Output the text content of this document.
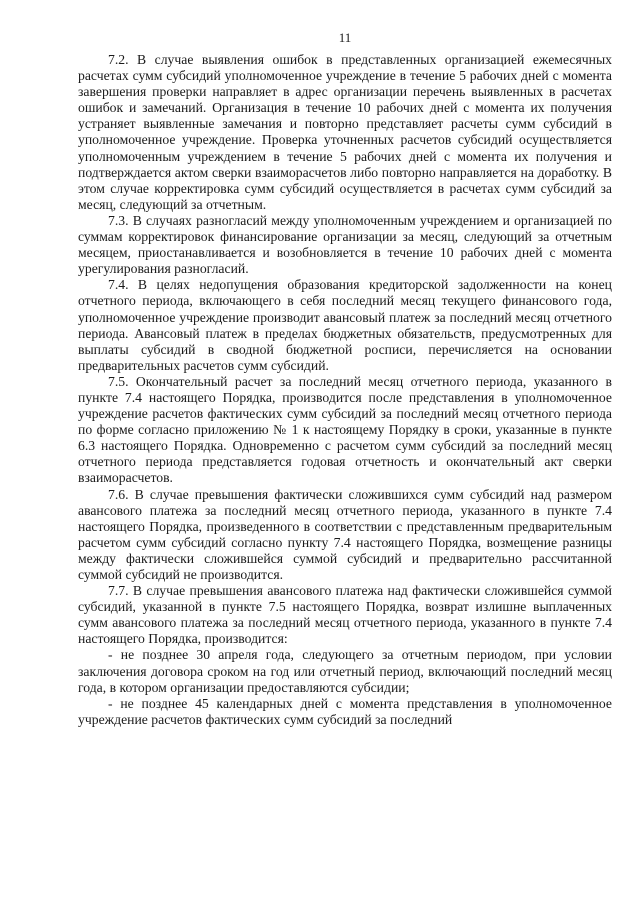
11

7.2. В случае выявления ошибок в представленных организацией ежемесячных расчетах сумм субсидий уполномоченное учреждение в течение 5 рабочих дней с момента завершения проверки направляет в адрес организации перечень выявленных в расчетах ошибок и замечаний. Организация в течение 10 рабочих дней с момента их получения устраняет выявленные замечания и повторно представляет расчеты сумм субсидий в уполномоченное учреждение. Проверка уточненных расчетов субсидий осуществляется уполномоченным учреждением в течение 5 рабочих дней с момента их получения и подтверждается актом сверки взаиморасчетов либо повторно направляется на доработку. В этом случае корректировка сумм субсидий осуществляется в расчетах сумм субсидий за месяц, следующий за отчетным.

7.3. В случаях разногласий между уполномоченным учреждением и организацией по суммам корректировок финансирование организации за месяц, следующий за отчетным месяцем, приостанавливается и возобновляется в течение 10 рабочих дней с момента урегулирования разногласий.

7.4. В целях недопущения образования кредиторской задолженности на конец отчетного периода, включающего в себя последний месяц текущего финансового года, уполномоченное учреждение производит авансовый платеж за последний месяц отчетного периода. Авансовый платеж в пределах бюджетных обязательств, предусмотренных для выплаты субсидий в сводной бюджетной росписи, перечисляется на основании предварительных расчетов сумм субсидий.

7.5. Окончательный расчет за последний месяц отчетного периода, указанного в пункте 7.4 настоящего Порядка, производится после представления в уполномоченное учреждение расчетов фактических сумм субсидий за последний месяц отчетного периода по форме согласно приложению № 1 к настоящему Порядку в сроки, указанные в пункте 6.3 настоящего Порядка. Одновременно с расчетом сумм субсидий за последний месяц отчетного периода представляется годовая отчетность и окончательный акт сверки взаиморасчетов.

7.6. В случае превышения фактически сложившихся сумм субсидий над размером авансового платежа за последний месяц отчетного периода, указанного в пункте 7.4 настоящего Порядка, произведенного в соответствии с представленным предварительным расчетом сумм субсидий согласно пункту 7.4 настоящего Порядка, возмещение разницы между фактически сложившейся суммой субсидий и предварительно рассчитанной суммой субсидий не производится.

7.7. В случае превышения авансового платежа над фактически сложившейся суммой субсидий, указанной в пункте 7.5 настоящего Порядка, возврат излишне выплаченных сумм авансового платежа за последний месяц отчетного периода, указанного в пункте 7.4 настоящего Порядка, производится:

- не позднее 30 апреля года, следующего за отчетным периодом, при условии заключения договора сроком на год или отчетный период, включающий последний месяц года, в котором организации предоставляются субсидии;

- не позднее 45 календарных дней с момента представления в уполномоченное учреждение расчетов фактических сумм субсидий за последний
